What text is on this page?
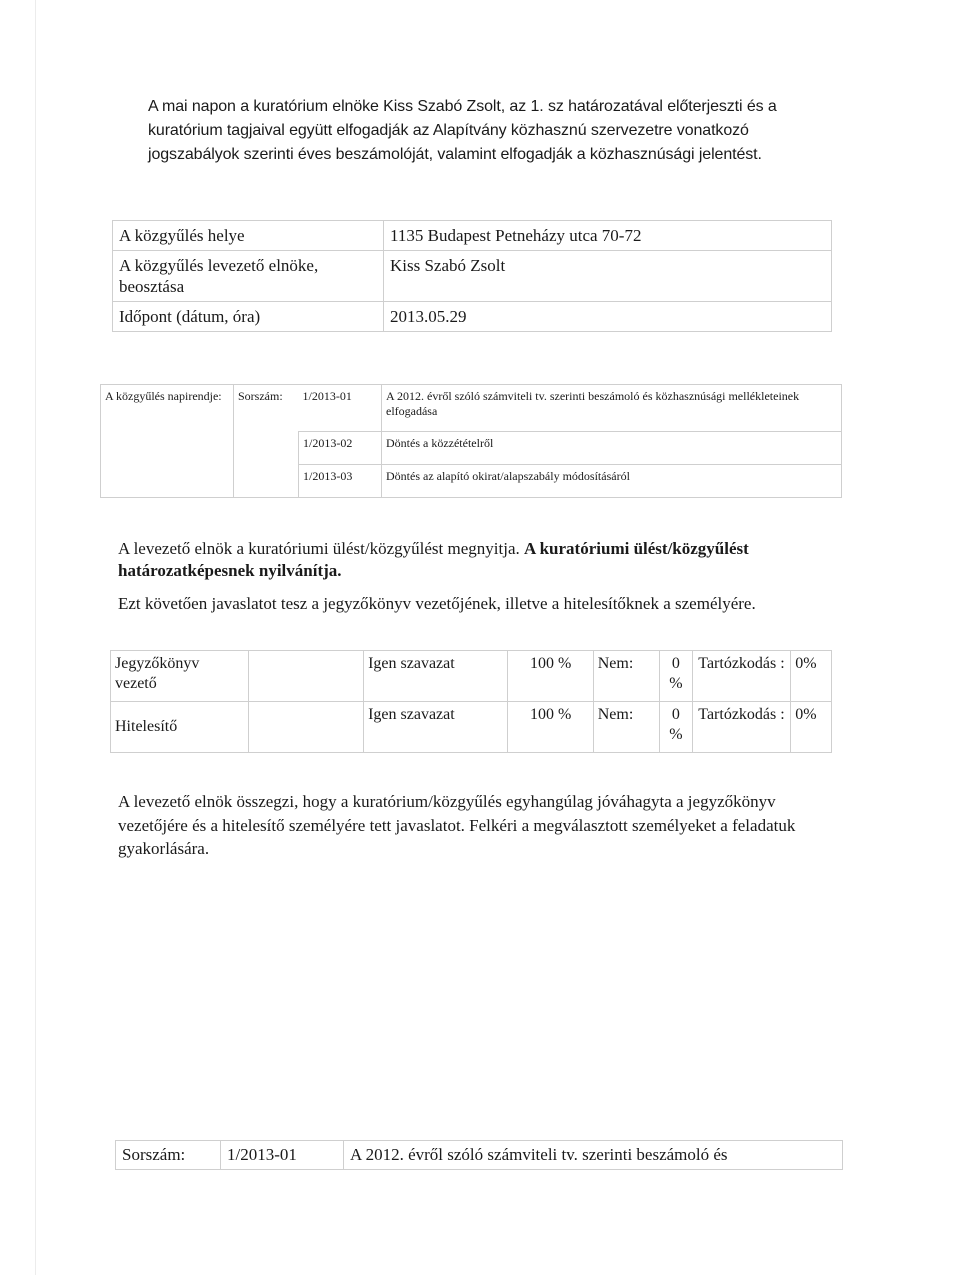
A mai napon a kuratórium elnöke Kiss Szabó Zsolt, az 1. sz határozatával előterjeszti és a kuratórium tagjaival együtt elfogadják az Alapítvány közhasznú szervezetre vonatkozó jogszabályok szerinti éves beszámolóját, valamint elfogadják a közhasznúsági jelentést.

A közgyűlés helye	1135 Budapest Petneházy utca 70-72
A közgyűlés levezető elnöke, beosztása	Kiss Szabó Zsolt
Időpont (dátum, óra)	2013.05.29
A közgyűlés napirendje:	Sorszám:	1/2013-01	A 2012. évről szóló számviteli tv. szerinti beszámoló és közhasznúsági mellékleteinek elfogadása
		1/2013-02	Döntés a közzétételről
		1/2013-03	Döntés az alapító okirat/alapszabály módosításáról

A levezető elnök a kuratóriumi ülést/közgyűlést megnyitja. A kuratóriumi ülést/közgyűlést határozatképesnek nyilvánítja.

Ezt követően javaslatot tesz a jegyzőkönyv vezetőjének, illetve a hitelesítőknek a személyére.

Jegyzőkönyv vezető		Igen szavazat	100 %	Nem:	0 %	Tartózkodás :	0%
Hitelesítő		Igen szavazat	100 %	Nem:	0 %	Tartózkodás :	0%

A levezető elnök összegzi, hogy a kuratórium/közgyűlés egyhangúlag jóváhagyta a jegyzőkönyv vezetőjére és a hitelesítő személyére tett javaslatot. Felkéri a megválasztott személyeket a feladatuk gyakorlására.

Sorszám:	1/2013-01	A 2012. évről szóló számviteli tv. szerinti beszámoló és
